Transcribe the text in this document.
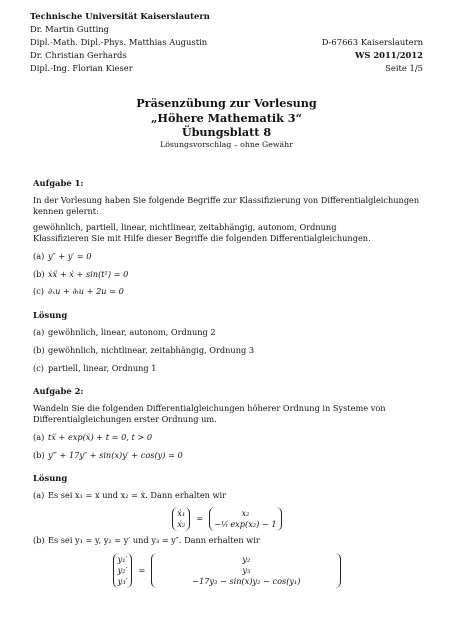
Technische Universität Kaiserslautern
Dr. Martin Gutting
Dipl.-Math. Dipl.-Phys. Matthias Augustin	D-67663 Kaiserslautern
Dr. Christian Gerhards	WS 2011/2012
Dipl.-Ing. Florian Kieser	Seite 1/5
Präsenzübung zur Vorlesung
„Höhere Mathematik 3“
Übungsblatt 8
Lösungsvorschlag – ohne Gewähr
Aufgabe 1:

In der Vorlesung haben Sie folgende Begriffe zur Klassifizierung von Differentialgleichungen kennen gelernt:

gewöhnlich, partiell, linear, nichtlinear, zeitabhängig, autonom, Ordnung
Klassifizieren Sie mit Hilfe dieser Begriffe die folgenden Differentialgleichungen.
(a) y″ + y′ = 0
(b) ẋẍ + ẋ + sin(t²) = 0
(c) ∂ₓu + ∂ₜu + 2u = 0
Lösung
(a) gewöhnlich, linear, autonom, Ordnung 2
(b) gewöhnlich, nichtlinear, zeitabhängig, Ordnung 3
(c) partiell, linear, Ordnung 1
Aufgabe 2:

Wandeln Sie die folgenden Differentialgleichungen höherer Ordnung in Systeme von Differentialgleichungen erster Ordnung um.

(a) tẍ + exp(ẋ) + t = 0, t > 0
(b) y‴ + 17y″ + sin(x)y′ + cos(y) = 0
Lösung
(a) Es sei x₁ = x und x₂ = ẋ. Dann erhalten wir
ẋ₁
ẋ₂
=
x₂
−¹⁄ₜ exp(x₂) − 1
(b) Es sei y₁ = y, y₂ = y′ und y₃ = y″. Dann erhalten wir
y₁′
y₂′
y₃′
=
y₂
y₃
−17y₃ − sin(x)y₂ − cos(y₁)
